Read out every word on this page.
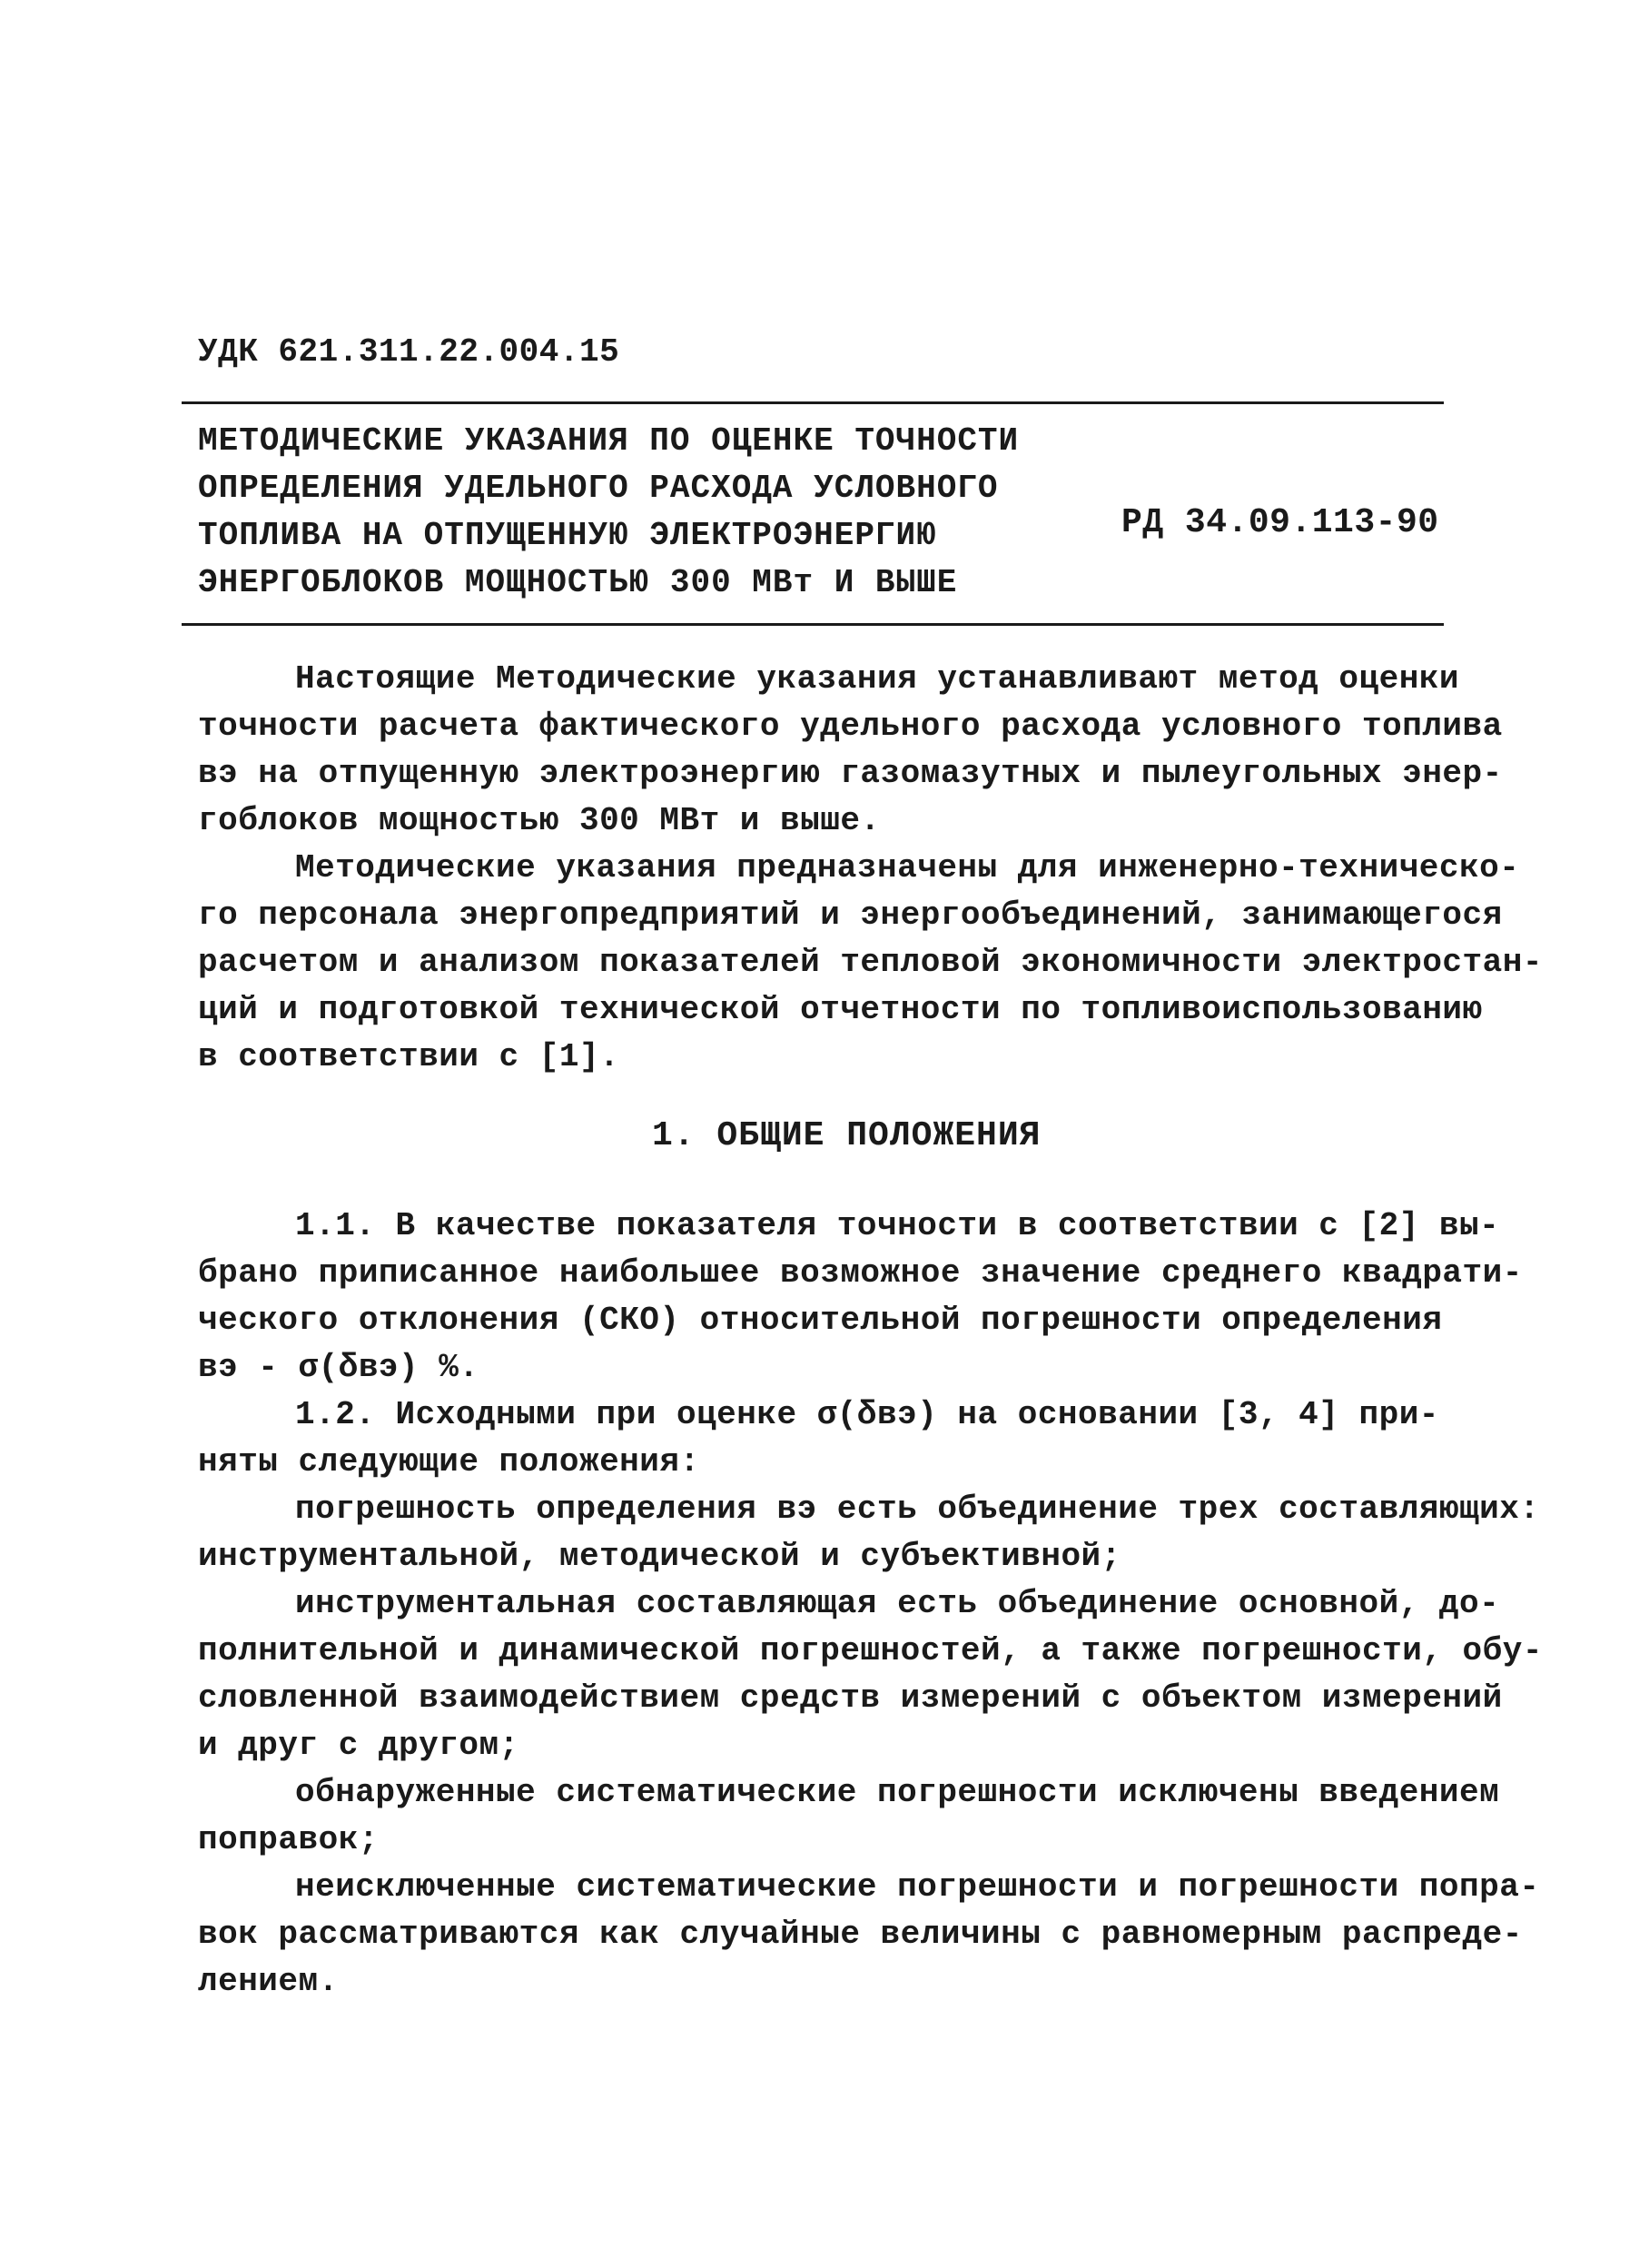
УДК 621.311.22.004.15
МЕТОДИЧЕСКИЕ УКАЗАНИЯ ПО ОЦЕНКЕ ТОЧНОСТИ
ОПРЕДЕЛЕНИЯ УДЕЛЬНОГО РАСХОДА УСЛОВНОГО
ТОПЛИВА НА ОТПУЩЕННУЮ ЭЛЕКТРОЭНЕРГИЮ
ЭНЕРГОБЛОКОВ МОЩНОСТЬЮ 300 МВт И ВЫШЕ
РД 34.09.113-90
Настоящие Методические указания устанавливают метод оценки
точности расчета фактического удельного расхода условного топлива
вэ на отпущенную электроэнергию газомазутных и пылеугольных энер-
гоблоков мощностью 300 МВт и выше.
Методические указания предназначены для инженерно-техническо-
го персонала энергопредприятий и энергообъединений, занимающегося
расчетом и анализом показателей тепловой экономичности электростан-
ций и подготовкой технической отчетности по топливоиспользованию
в соответствии с [1].
1. ОБЩИЕ ПОЛОЖЕНИЯ
1.1. В качестве показателя точности в соответствии с [2] вы-
брано приписанное наибольшее возможное значение среднего квадрати-
ческого отклонения (СКО) относительной погрешности определения
вэ - σ(δвэ) %.
1.2. Исходными при оценке σ(δвэ) на основании [3, 4] при-
няты следующие положения:
погрешность определения вэ есть объединение трех составляющих:
инструментальной, методической и субъективной;
инструментальная составляющая есть объединение основной, до-
полнительной и динамической погрешностей, а также погрешности, обу-
словленной взаимодействием средств измерений с объектом измерений
и друг с другом;
обнаруженные систематические погрешности исключены введением
поправок;
неисключенные систематические погрешности и погрешности попра-
вок рассматриваются как случайные величины с равномерным распреде-
лением.
